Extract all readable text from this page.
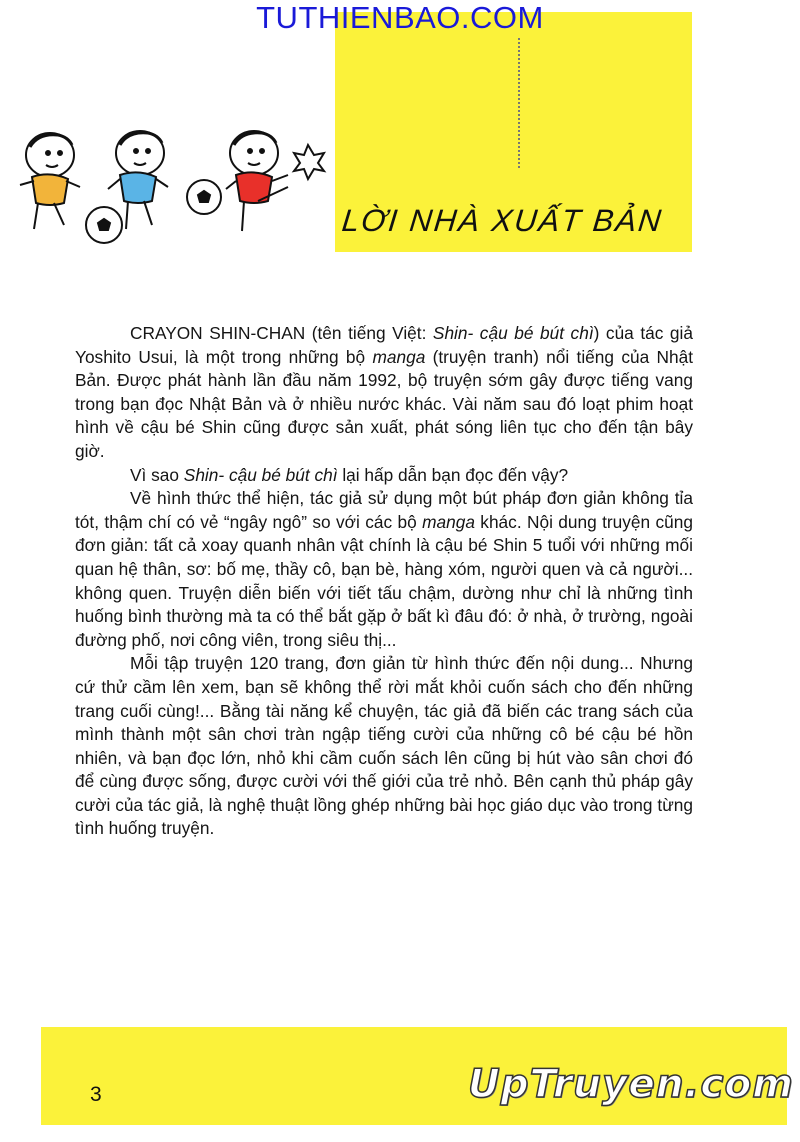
TUTHIENBAO.COM
LỜI NHÀ XUẤT BẢN

CRAYON SHIN-CHAN (tên tiếng Việt: Shin- cậu bé bút chì) của tác giả Yoshito Usui, là một trong những bộ manga (truyện tranh) nổi tiếng của Nhật Bản. Được phát hành lần đầu năm 1992, bộ truyện sớm gây được tiếng vang trong bạn đọc Nhật Bản và ở nhiều nước khác. Vài năm sau đó loạt phim hoạt hình về cậu bé Shin cũng được sản xuất, phát sóng liên tục cho đến tận bây giờ.

Vì sao Shin- cậu bé bút chì lại hấp dẫn bạn đọc đến vậy?

Về hình thức thể hiện, tác giả sử dụng một bút pháp đơn giản không tỉa tót, thậm chí có vẻ “ngây ngô” so với các bộ manga khác. Nội dung truyện cũng đơn giản: tất cả xoay quanh nhân vật chính là cậu bé Shin 5 tuổi với những mối quan hệ thân, sơ: bố mẹ, thầy cô, bạn bè, hàng xóm, người quen và cả người... không quen. Truyện diễn biến với tiết tấu chậm, dường như chỉ là những tình huống bình thường mà ta có thể bắt gặp ở bất kì đâu đó: ở nhà, ở trường, ngoài đường phố, nơi công viên, trong siêu thị...

Mỗi tập truyện 120 trang, đơn giản từ hình thức đến nội dung... Nhưng cứ thử cầm lên xem, bạn sẽ không thể rời mắt khỏi cuốn sách cho đến những trang cuối cùng!... Bằng tài năng kể chuyện, tác giả đã biến các trang sách của mình thành một sân chơi tràn ngập tiếng cười của những cô bé cậu bé hồn nhiên, và bạn đọc lớn, nhỏ khi cầm cuốn sách lên cũng bị hút vào sân chơi đó để cùng được sống, được cười với thế giới của trẻ nhỏ. Bên cạnh thủ pháp gây cười của tác giả, là nghệ thuật lồng ghép những bài học giáo dục vào trong từng tình huống truyện.

3	UpTruyen.com
